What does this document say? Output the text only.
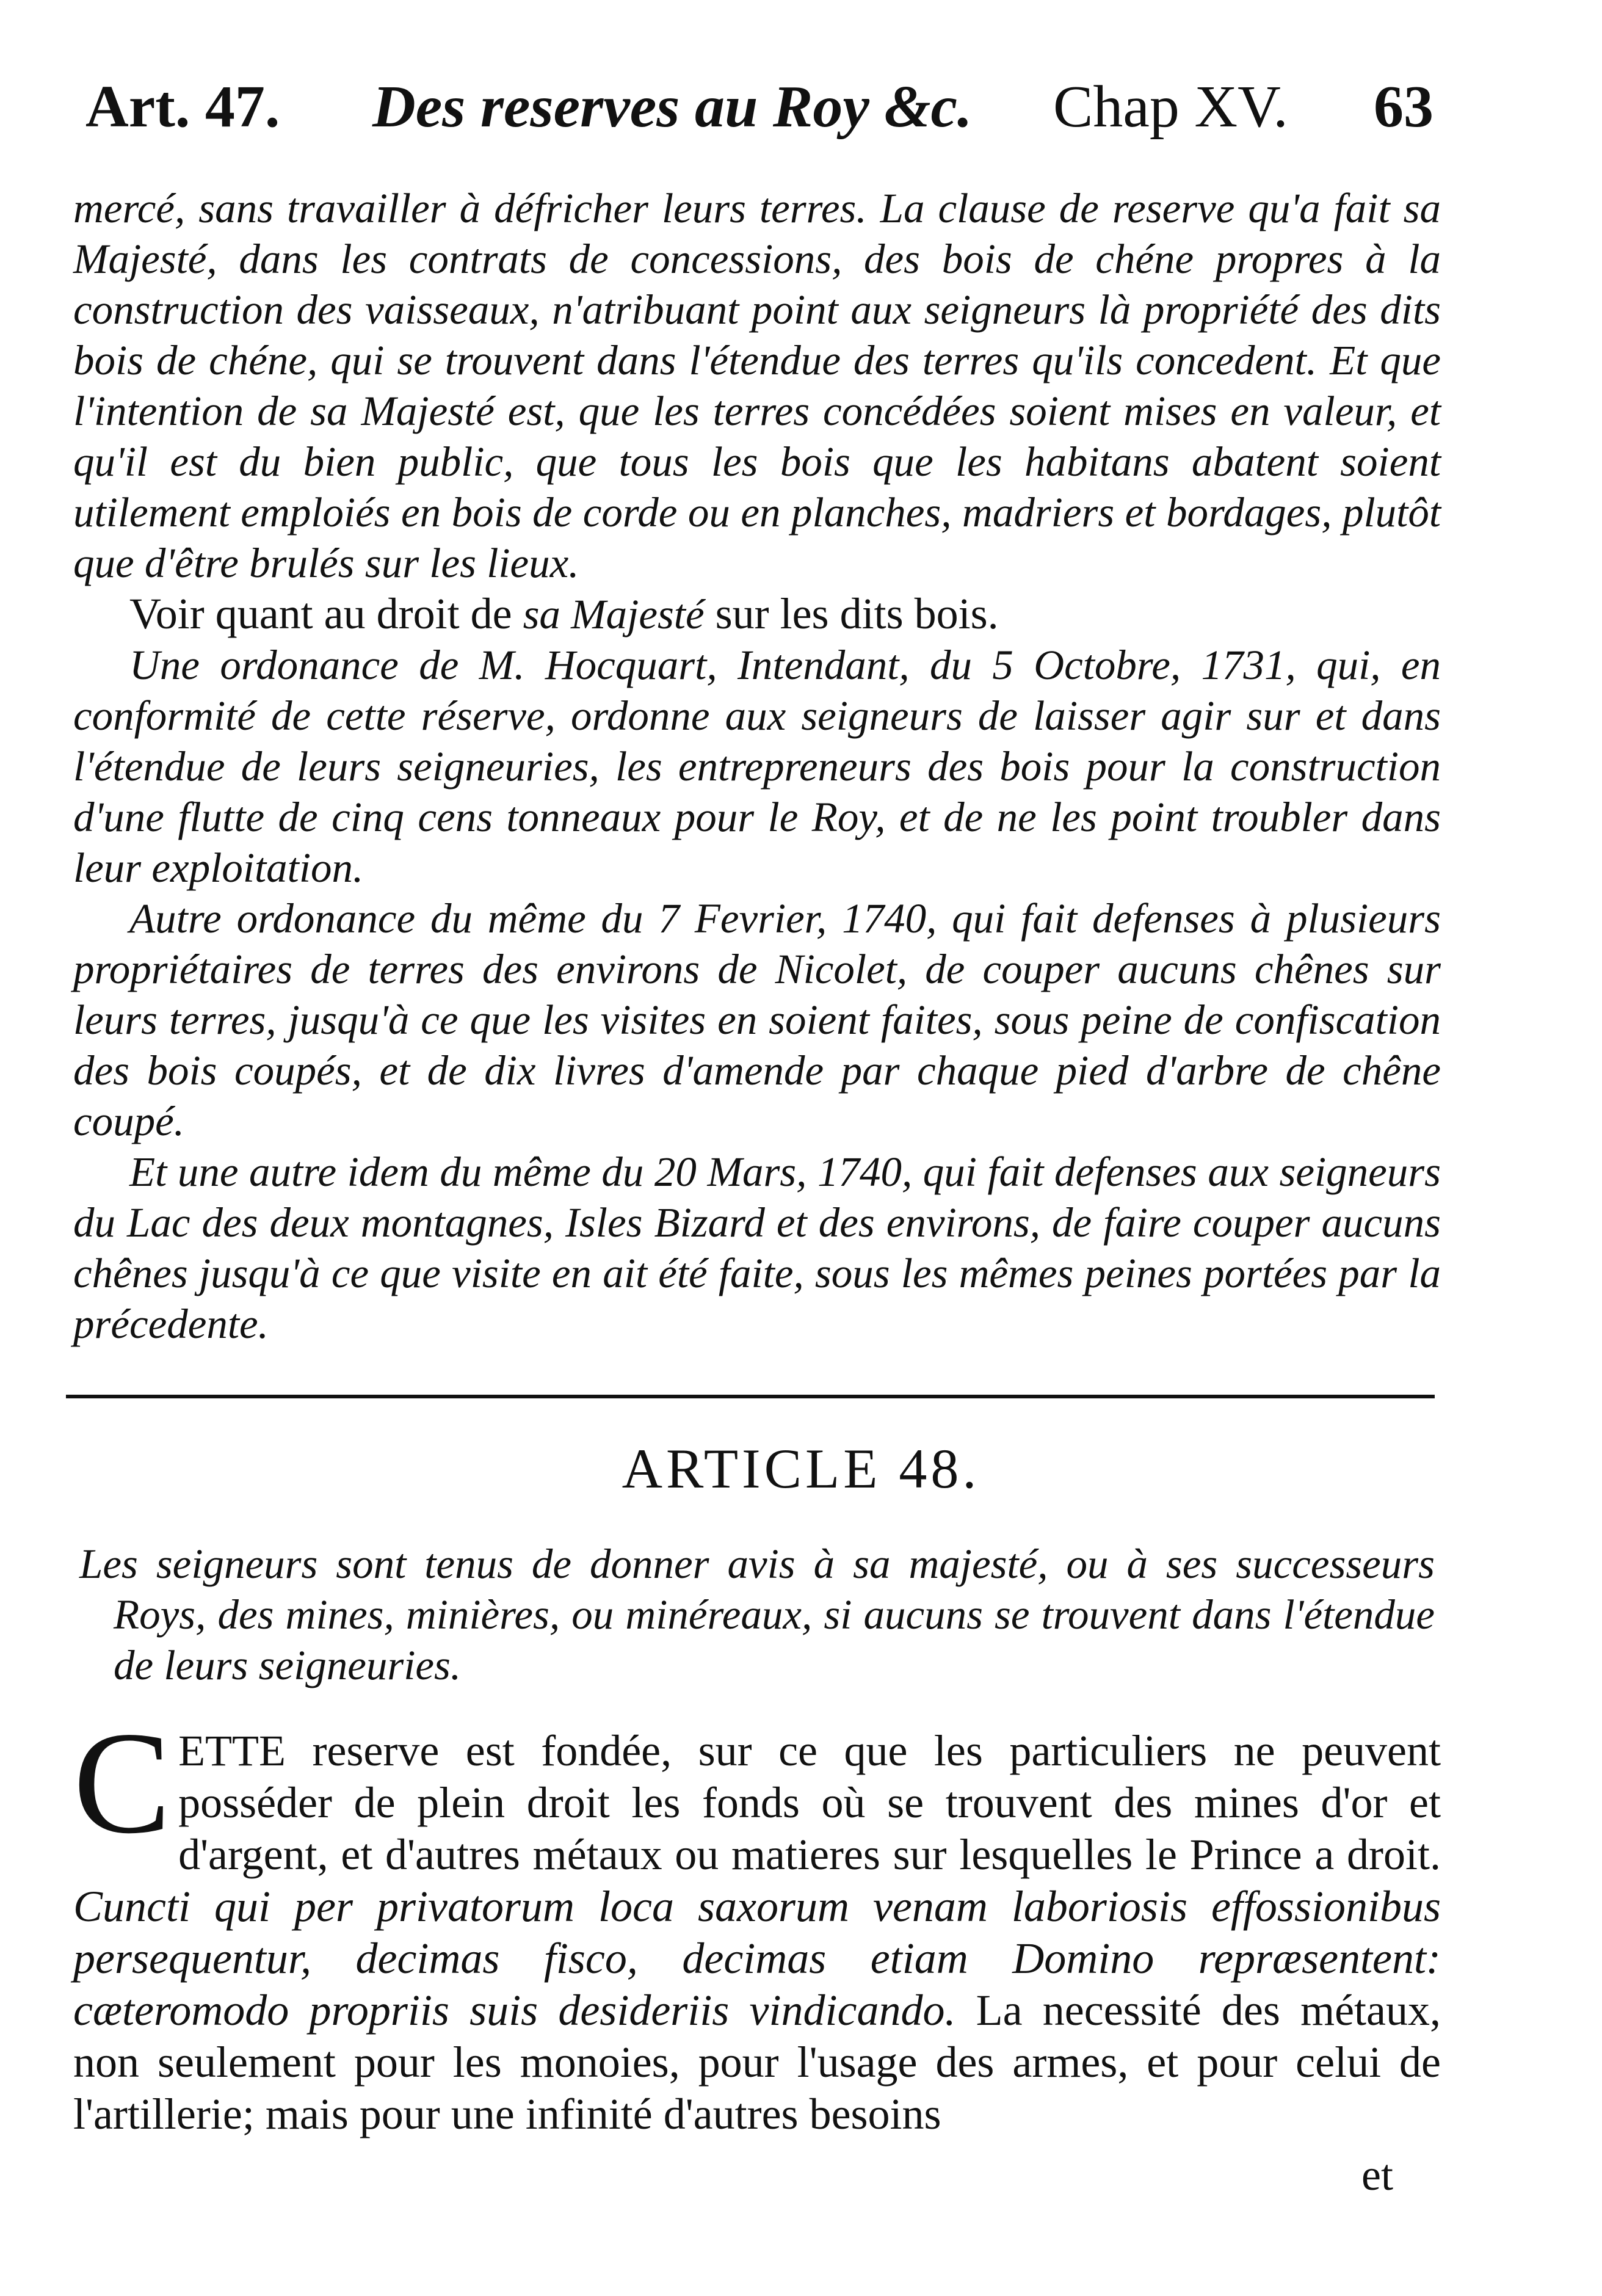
Art. 47. Des reserves au Roy &c. Chap XV. 63

mercé, sans travailler à défricher leurs terres. La clause de reserve qu'a fait sa Majesté, dans les contrats de concessions, des bois de chéne propres à la construction des vaisseaux, n'atribuant point aux seigneurs là propriété des dits bois de chéne, qui se trouvent dans l'étendue des terres qu'ils concedent. Et que l'intention de sa Majesté est, que les terres concédées soient mises en valeur, et qu'il est du bien public, que tous les bois que les habitans abatent soient utilement emploiés en bois de corde ou en planches, madriers et bordages, plutôt que d'être brulés sur les lieux.

Voir quant au droit de sa Majesté sur les dits bois.

Une ordonance de M. Hocquart, Intendant, du 5 Octobre, 1731, qui, en conformité de cette réserve, ordonne aux seigneurs de laisser agir sur et dans l'étendue de leurs seigneuries, les entrepreneurs des bois pour la construction d'une flutte de cinq cens tonneaux pour le Roy, et de ne les point troubler dans leur exploitation.

Autre ordonance du même du 7 Fevrier, 1740, qui fait defenses à plusieurs propriétaires de terres des environs de Nicolet, de couper aucuns chênes sur leurs terres, jusqu'à ce que les visites en soient faites, sous peine de confiscation des bois coupés, et de dix livres d'amende par chaque pied d'arbre de chêne coupé.

Et une autre idem du même du 20 Mars, 1740, qui fait defenses aux seigneurs du Lac des deux montagnes, Isles Bizard et des environs, de faire couper aucuns chênes jusqu'à ce que visite en ait été faite, sous les mêmes peines portées par la précedente.

ARTICLE 48.

Les seigneurs sont tenus de donner avis à sa majesté, ou à ses successeurs Roys, des mines, minières, ou minéreaux, si aucuns se trouvent dans l'étendue de leurs seigneuries.

CETTE reserve est fondée, sur ce que les particuliers ne peuvent posséder de plein droit les fonds où se trouvent des mines d'or et d'argent, et d'autres métaux ou matieres sur lesquelles le Prince a droit. Cuncti qui per privatorum loca saxorum venam laboriosis effossionibus persequentur, decimas fisco, decimas etiam Domino repræsentent: cæteromodo propriis suis desideriis vindicando. La necessité des métaux, non seulement pour les monoies, pour l'usage des armes, et pour celui de l'artillerie; mais pour une infinité d'autres besoins
et
